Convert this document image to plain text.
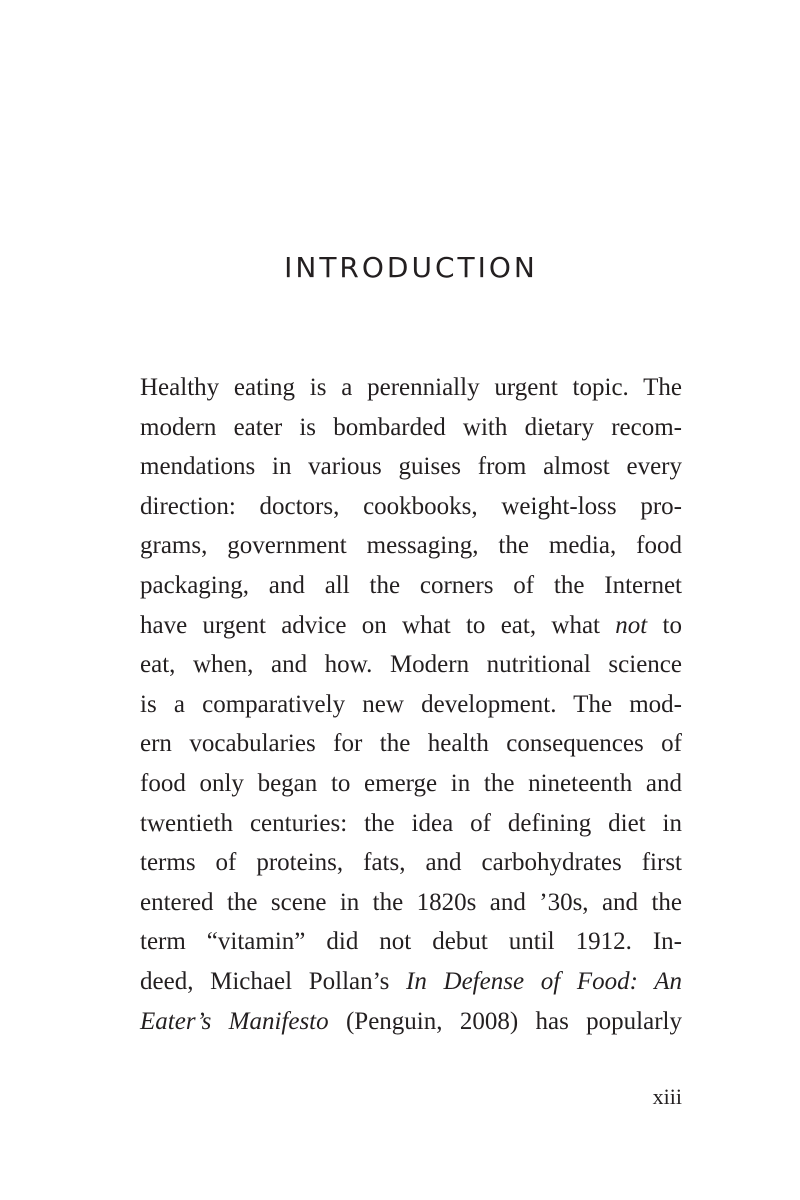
INTRODUCTION
Healthy eating is a perennially urgent topic. The
modern eater is bombarded with dietary recom-
mendations in various guises from almost every
direction: doctors, cookbooks, weight-loss pro-
grams, government messaging, the media, food
packaging, and all the corners of the Internet
have urgent advice on what to eat, what not to
eat, when, and how. Modern nutritional science
is a comparatively new development. The mod-
ern vocabularies for the health consequences of
food only began to emerge in the nineteenth and
twentieth centuries: the idea of defining diet in
terms of proteins, fats, and carbohydrates first
entered the scene in the 1820s and ’30s, and the
term “vitamin” did not debut until 1912. In-
deed, Michael Pollan’s In Defense of Food: An
Eater’s Manifesto (Penguin, 2008) has popularly
xiii
